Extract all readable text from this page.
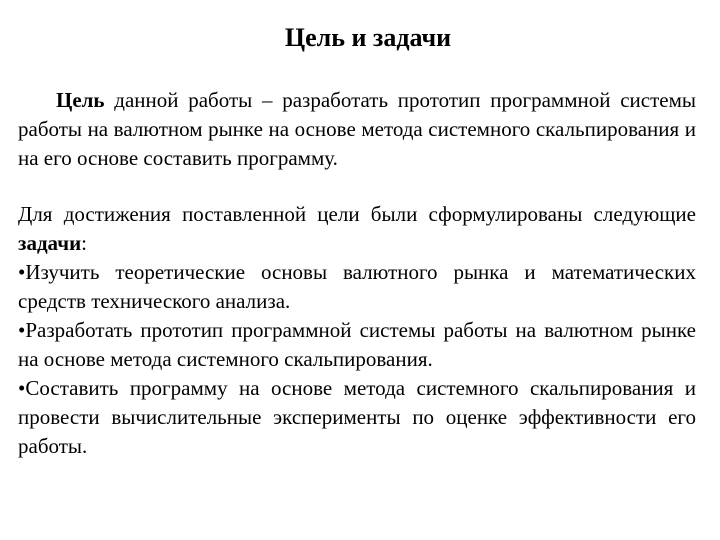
Цель и задачи

Цель данной работы – разработать прототип программной системы работы на валютном рынке на основе метода системного скальпирования и на его основе составить программу.

Для достижения поставленной цели были сформулированы следующие задачи:

•Изучить теоретические основы валютного рынка и математических средств технического анализа.

•Разработать прототип программной системы работы на валютном рынке на основе метода системного скальпирования.

•Составить программу на основе метода системного скальпирования и провести вычислительные эксперименты по оценке эффективности его работы.
